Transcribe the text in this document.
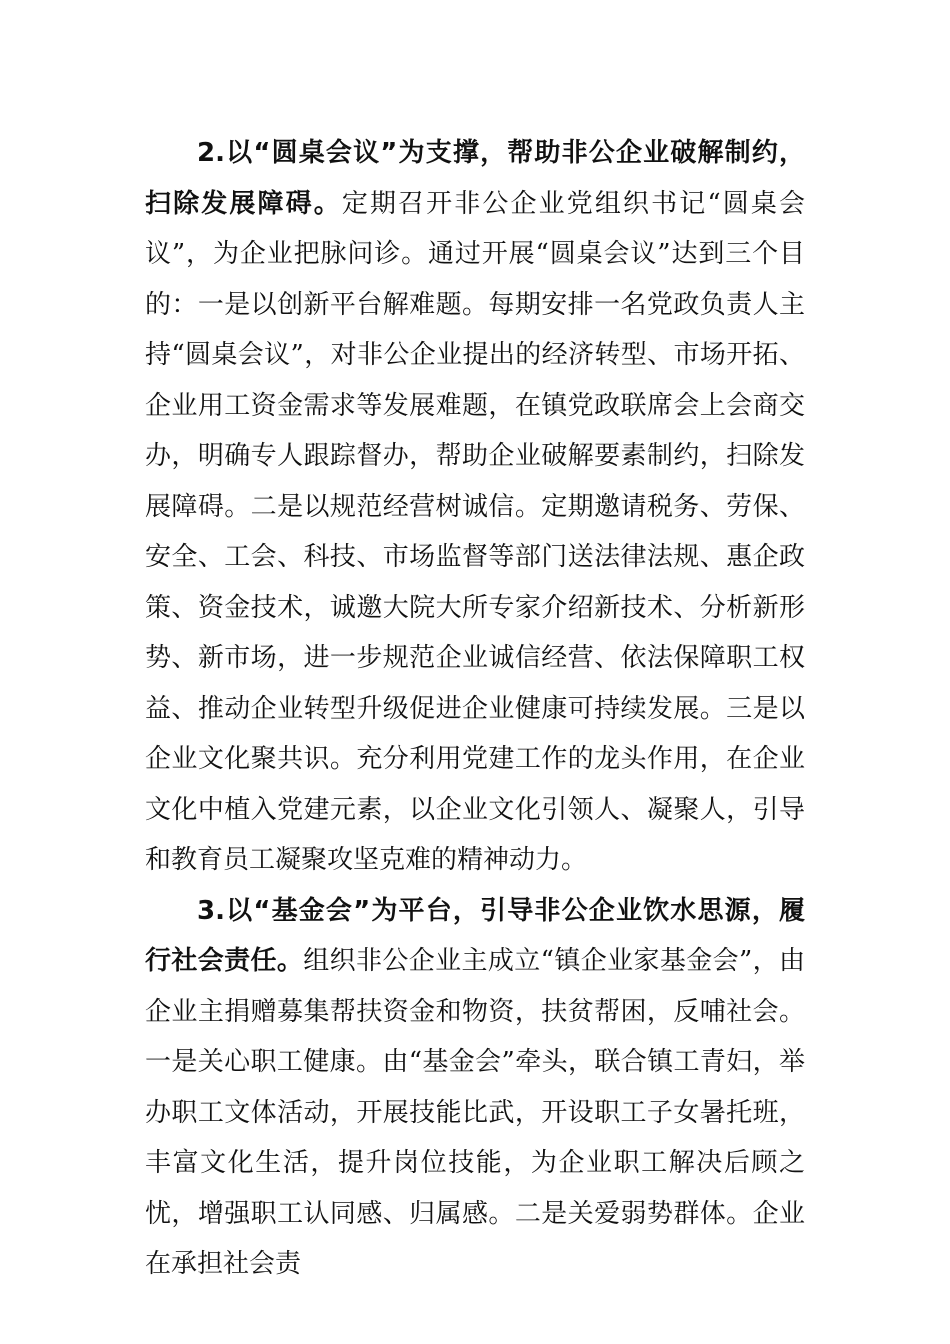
2.以“圆桌会议”为支撑，帮助非公企业破解制约，扫除发展障碍。定期召开非公企业党组织书记“圆桌会议”，为企业把脉问诊。通过开展“圆桌会议”达到三个目的：一是以创新平台解难题。每期安排一名党政负责人主持“圆桌会议”，对非公企业提出的经济转型、市场开拓、企业用工资金需求等发展难题，在镇党政联席会上会商交办，明确专人跟踪督办，帮助企业破解要素制约，扫除发展障碍。二是以规范经营树诚信。定期邀请税务、劳保、安全、工会、科技、市场监督等部门送法律法规、惠企政策、资金技术，诚邀大院大所专家介绍新技术、分析新形势、新市场，进一步规范企业诚信经营、依法保障职工权益、推动企业转型升级促进企业健康可持续发展。三是以企业文化聚共识。充分利用党建工作的龙头作用，在企业文化中植入党建元素，以企业文化引领人、凝聚人，引导和教育员工凝聚攻坚克难的精神动力。

3.以“基金会”为平台，引导非公企业饮水思源，履行社会责任。组织非公企业主成立“镇企业家基金会”，由企业主捐赠募集帮扶资金和物资，扶贫帮困，反哺社会。一是关心职工健康。由“基金会”牵头，联合镇工青妇，举办职工文体活动，开展技能比武，开设职工子女暑托班，丰富文化生活，提升岗位技能，为企业职工解决后顾之忧，增强职工认同感、归属感。二是关爱弱势群体。企业在承担社会责
